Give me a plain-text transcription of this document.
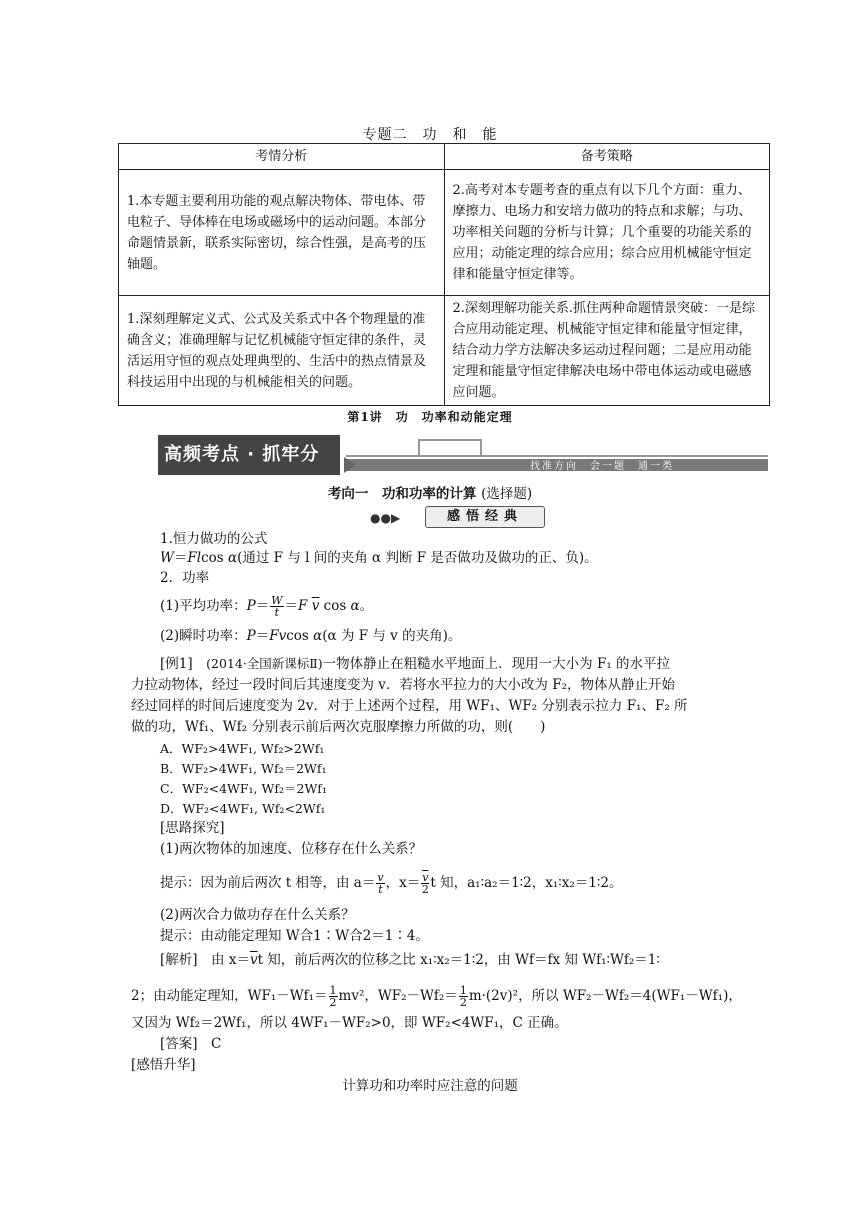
专题二　功　和　能
考情分析	备考策略
1.本专题主要利用功能的观点解决物体、带电体、带电粒子、导体棒在电场或磁场中的运动问题。本部分命题情景新，联系实际密切，综合性强，是高考的压轴题。	2.高考对本专题考查的重点有以下几个方面：重力、摩擦力、电场力和安培力做功的特点和求解；与功、功率相关问题的分析与计算；几个重要的功能关系的应用；动能定理的综合应用；综合应用机械能守恒定律和能量守恒定律等。
1.深刻理解定义式、公式及关系式中各个物理量的准确含义；准确理解与记忆机械能守恒定律的条件，灵活运用守恒的观点处理典型的、生活中的热点情景及科技运用中出现的与机械能相关的问题。	2.深刻理解功能关系.抓住两种命题情景突破：一是综合应用动能定理、机械能守恒定律和能量守恒定律，结合动力学方法解决多运动过程问题；二是应用动能定理和能量守恒定律解决电场中带电体运动或电磁感应问题。
第1讲　功　功率和动能定理
高频考点 · 抓牢分
找准方向　会一题　通一类
考向一　功和功率的计算 (选择题)
●●▶	感悟经典
1.恒力做功的公式
W＝Flcos α(通过 F 与 l 间的夹角 α 判断 F 是否做功及做功的正、负)。
2．功率
(1)平均功率：$P= \frac{W}{t} =F$ $\overline{v}$ cos α。
(2)瞬时功率：P＝Fvcos α(α 为 F 与 v 的夹角)。
[例1]　 (2014·全国新课标Ⅱ)一物体静止在粗糙水平地面上．现用一大小为 F₁ 的水平拉
力拉动物体，经过一段时间后其速度变为 v．若将水平拉力的大小改为 F₂，物体从静止开始
经过同样的时间后速度变为 2v．对于上述两个过程，用 WF₁、WF₂ 分别表示拉力 F₁、F₂ 所
做的功，Wf₁、Wf₂ 分别表示前后两次克服摩擦力所做的功，则(　　)
A．WF₂>4WF₁, Wf₂>2Wf₁
B．WF₂>4WF₁, Wf₂＝2Wf₁
C．WF₂<4WF₁, Wf₂＝2Wf₁
D．WF₂<4WF₁, Wf₂<2Wf₁
[思路探究]
(1)两次物体的加速度、位移存在什么关系？
提示：因为前后两次 t 相等，由 $a= \frac{v}{t}$ ，$x= \frac{\overline{v}}{2}$ t 知，a₁∶a₂＝1∶2，x₁∶x₂＝1∶2。
(2)两次合力做功存在什么关系？
提示：由动能定理知 W合1∶W合2＝1∶4。
[解析]　 由 $x=\overline{v}t$ 知，前后两次的位移之比 x₁∶x₂＝1∶2，由 Wf＝fx 知 Wf₁∶Wf₂＝1∶
2；由动能定理知，$WF_1-Wf_1= \frac{1}{2} mv^2$，$WF_2-Wf_2= \frac{1}{2} m\cdot(2v)^2$，所以 WF₂－Wf₂＝4(WF₁－Wf₁)，
又因为 Wf₂＝2Wf₁，所以 4WF₁－WF₂>0，即 WF₂<4WF₁，C 正确。
[答案]　 C
[感悟升华]
计算功和功率时应注意的问题
